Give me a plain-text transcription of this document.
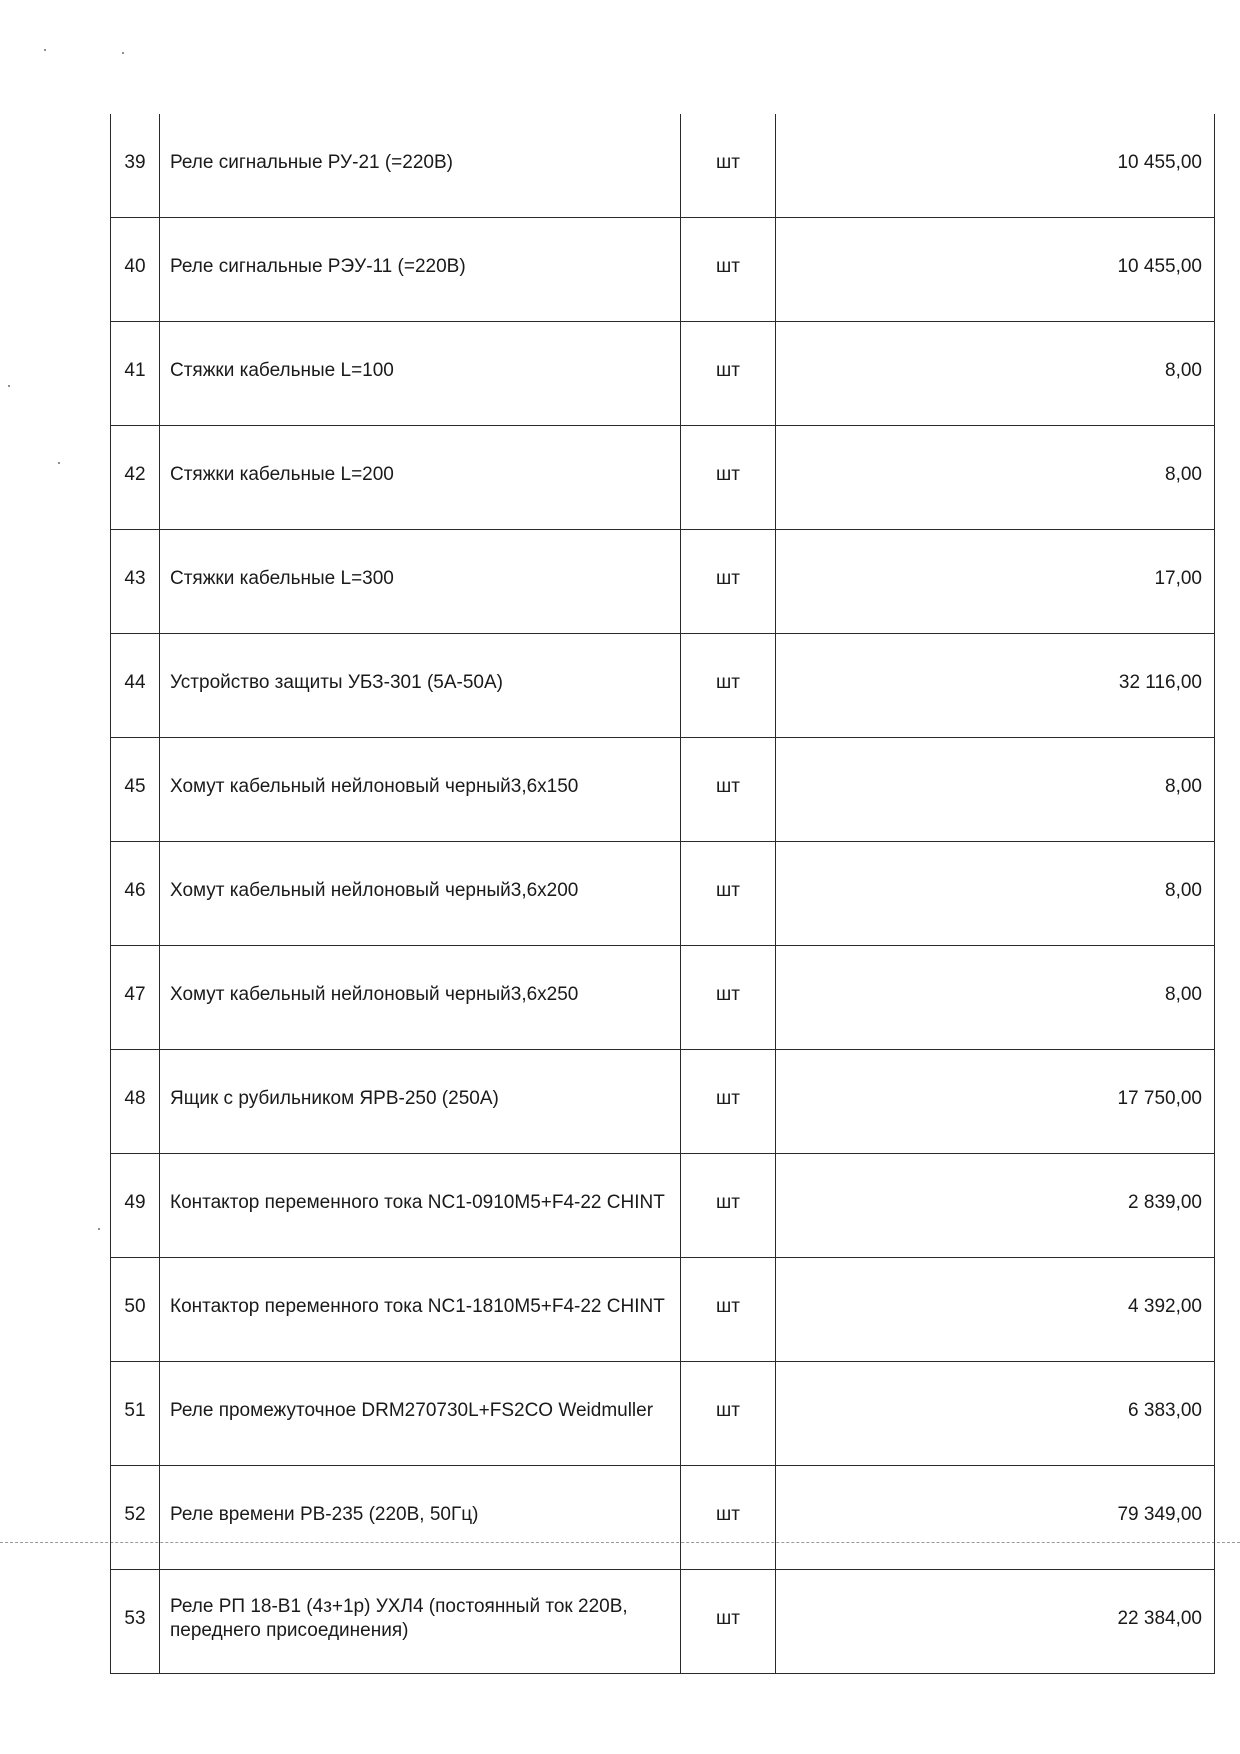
39	Реле сигнальные РУ-21 (=220В)	шт	10 455,00
40	Реле сигнальные РЭУ-11 (=220В)	шт	10 455,00
41	Стяжки кабельные L=100	шт	8,00
42	Стяжки кабельные L=200	шт	8,00
43	Стяжки кабельные L=300	шт	17,00
44	Устройство защиты УБЗ-301 (5А-50А)	шт	32 116,00
45	Хомут кабельный нейлоновый черный3,6х150	шт	8,00
46	Хомут кабельный нейлоновый черный3,6х200	шт	8,00
47	Хомут кабельный нейлоновый черный3,6х250	шт	8,00
48	Ящик с рубильником ЯРВ-250 (250А)	шт	17 750,00
49	Контактор переменного тока NC1-0910M5+F4-22 CHINT	шт	2 839,00
50	Контактор переменного тока NC1-1810M5+F4-22 CHINT	шт	4 392,00
51	Реле промежуточное DRM270730L+FS2CO Weidmuller	шт	6 383,00
52	Реле времени РВ-235 (220В, 50Гц)	шт	79 349,00
53	Реле РП 18-В1 (4з+1р) УХЛ4 (постоянный ток 220В, переднего присоединения)	шт	22 384,00
